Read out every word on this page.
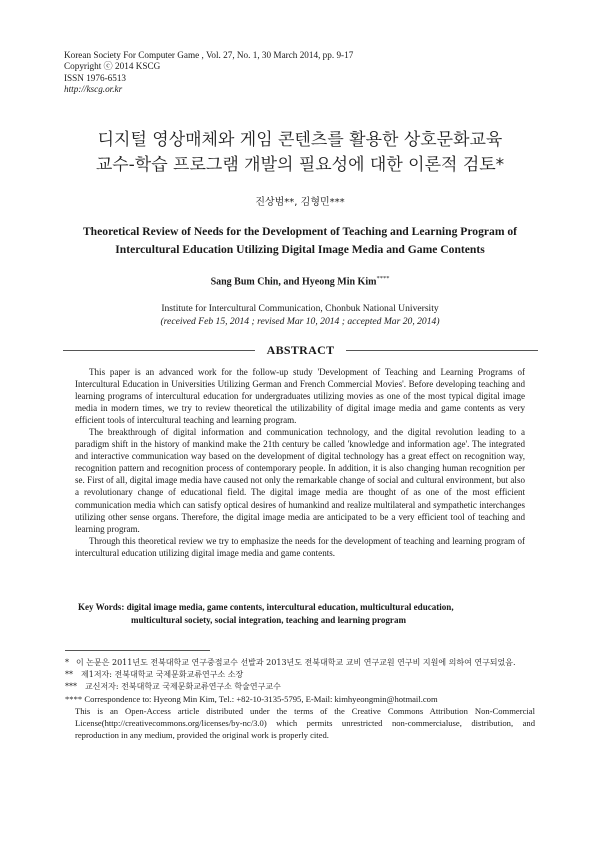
Korean Society For Computer Game , Vol. 27, No. 1, 30 March 2014, pp. 9-17
Copyright ⓒ 2014 KSCG
ISSN 1976-6513
http://kscg.or.kr
디지털 영상매체와 게임 콘텐츠를 활용한 상호문화교육
교수-학습 프로그램 개발의 필요성에 대한 이론적 검토*
진상범**, 김형민***
Theoretical Review of Needs for the Development of Teaching and Learning Program of
Intercultural Education Utilizing Digital Image Media and Game Contents
Sang Bum Chin, and Hyeong Min Kim****
Institute for Intercultural Communication, Chonbuk National University
(received Feb 15, 2014 ; revised Mar 10, 2014 ; accepted Mar 20, 2014)
ABSTRACT

This paper is an advanced work for the follow-up study 'Development of Teaching and Learning Programs of Intercultural Education in Universities Utilizing German and French Commercial Movies'. Before developing teaching and learning programs of intercultural education for undergraduates utilizing movies as one of the most typical digital image media in modern times, we try to review theoretical the utilizability of digital image media and game contents as very efficient tools of intercultural teaching and learning program.

The breakthrough of digital information and communication technology, and the digital revolution leading to a paradigm shift in the history of mankind make the 21th century be called 'knowledge and information age'. The integrated and interactive communication way based on the development of digital technology has a great effect on recognition way, recognition pattern and recognition process of contemporary people. In addition, it is also changing human recognition per se. First of all, digital image media have caused not only the remarkable change of social and cultural environment, but also a revolutionary change of educational field. The digital image media are thought of as one of the most efficient communication media which can satisfy optical desires of humankind and realize multilateral and sympathetic interchanges utilizing other sense organs. Therefore, the digital image media are anticipated to be a very efficient tool of teaching and learning program.

Through this theoretical review we try to emphasize the needs for the development of teaching and learning program of intercultural education utilizing digital image media and game contents.

Key Words: digital image media, game contents, intercultural education, multicultural education,
multicultural society, social integration, teaching and learning program
* 이 논문은 2011년도 전북대학교 연구중점교수 선발과 2013년도 전북대학교 교비 연구교원 연구비 지원에 의하여 연구되었음.
** 제1저자: 전북대학교 국제문화교류연구소 소장
*** 교신저자: 전북대학교 국제문화교류연구소 학술연구교수
**** Correspondence to: Hyeong Min Kim, Tel.: +82-10-3135-5795, E-Mail: kimhyeongmin@hotmail.com
This is an Open-Access article distributed under the terms of the Creative Commons Attribution Non-Commercial License(http://creativecommons.org/licenses/by-nc/3.0) which permits unrestricted non-commercialuse, distribution, and reproduction in any medium, provided the original work is properly cited.
